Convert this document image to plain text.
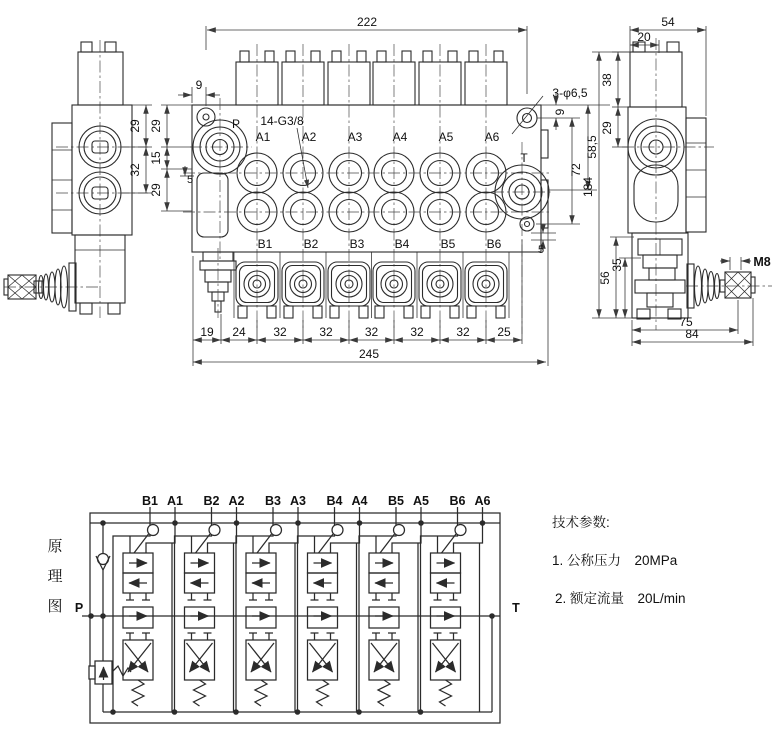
29
32
P
T
A1	A2	A3	A4	A5	A6
B1	B2	B3	B4	B5	B6
14-G3/8
3-φ6,5
222
9
29
15
29
5
9
72
58,5
5
19 24 32	32	32	32	32 25
245
54
20
38
29
184
56
35	M8
75
84
P	T
B1 A1 B2 A2 B3 A3 B4 A4 B5 A5 B6 A6
原
理
图
技术参数:
1. 公称压力　20MPa
2. 额定流量　20L/min
